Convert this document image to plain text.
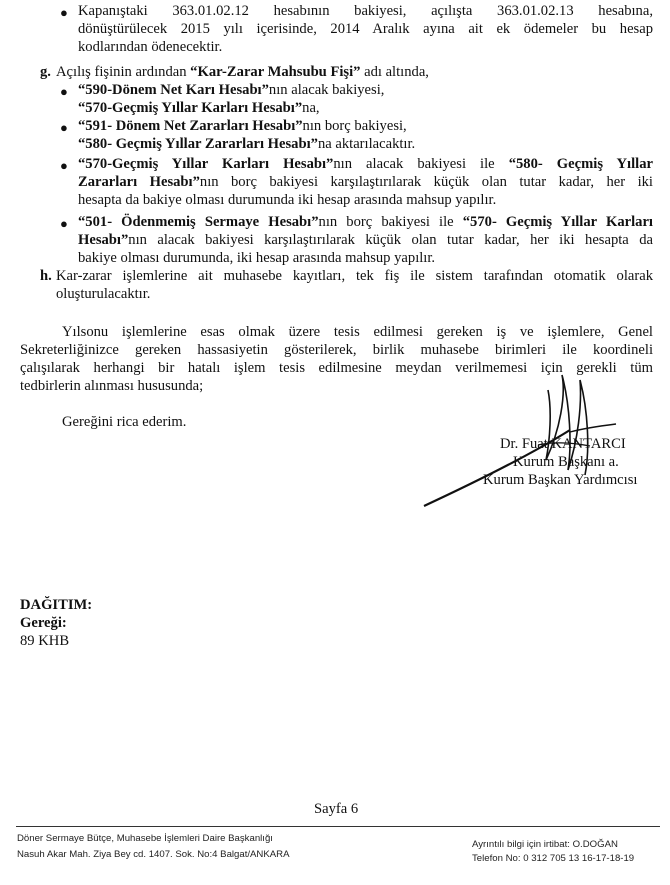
● Kapanıştaki 363.01.02.12 hesabının bakiyesi, açılışta 363.01.02.13 hesabına,
dönüştürülecek 2015 yılı içerisinde, 2014 Aralık ayına ait ek ödemeler bu hesap
kodlarından ödenecektir.
g. Açılış fişinin ardından “Kar-Zarar Mahsubu Fişi” adı altında,
● “590-Dönem Net Karı Hesabı”nın alacak bakiyesi,
“570-Geçmiş Yıllar Karları Hesabı”na,
● “591- Dönem Net Zararları Hesabı”nın borç bakiyesi,
“580- Geçmiş Yıllar Zararları Hesabı”na aktarılacaktır.
● “570-Geçmiş Yıllar Karları Hesabı”nın alacak bakiyesi ile “580- Geçmiş Yıllar
Zararları Hesabı”nın borç bakiyesi karşılaştırılarak küçük olan tutar kadar, her iki
hesapta da bakiye olması durumunda iki hesap arasında mahsup yapılır.
● “501- Ödenmemiş Sermaye Hesabı”nın borç bakiyesi ile “570- Geçmiş Yıllar Karları
Hesabı”nın alacak bakiyesi karşılaştırılarak küçük olan tutar kadar, her iki hesapta da
bakiye olması durumunda, iki hesap arasında mahsup yapılır.
h. Kar-zarar işlemlerine ait muhasebe kayıtları, tek fiş ile sistem tarafından otomatik olarak
oluşturulacaktır.
Yılsonu işlemlerine esas olmak üzere tesis edilmesi gereken iş ve işlemlere, Genel
Sekreterliğinizce gereken hassasiyetin gösterilerek, birlik muhasebe birimleri ile koordineli
çalışılarak herhangi bir hatalı işlem tesis edilmesine meydan verilmemesi için gerekli tüm
tedbirlerin alınması hususunda;
Gereğini rica ederim.
Dr. Fuat KANTARCI
Kurum Başkanı a.
Kurum Başkan Yardımcısı
DAĞITIM:
Gereği:
89 KHB
Sayfa 6
Döner Sermaye Bütçe, Muhasebe İşlemleri Daire Başkanlığı
Nasuh Akar Mah. Ziya Bey cd. 1407. Sok. No:4 Balgat/ANKARA
Ayrıntılı bilgi için irtibat: O.DOĞAN
Telefon No: 0 312 705 13 16-17-18-19
